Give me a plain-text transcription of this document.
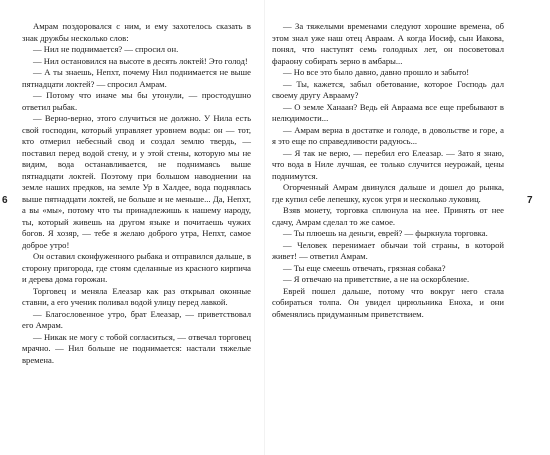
6	7

Амрам поздоровался с ним, и ему захотелось сказать в знак дружбы несколько слов:

— Нил не поднимается? — спросил он.

— Нил остановился на высоте в десять локтей! Это голод!

— А ты знаешь, Непхт, почему Нил поднимается не выше пятнадцати локтей? — спросил Амрам.

— Потому что иначе мы бы утонули, — простодушно ответил рыбак.

— Верно-верно, этого случиться не должно. У Нила есть свой господин, который управляет уровнем воды: он — тот, кто отмерил небесный свод и создал землю твердь, — поставил перед водой стену, и у этой стены, которую мы не видим, вода останавливается, не поднимаясь выше пятнадцати локтей. Поэтому при большом наводнении на земле наших предков, на земле Ур в Халдее, вода поднялась выше пятнадцати локтей, не больше и не меньше... Да, Непхт, а вы «мы», потому что ты принадлежишь к нашему народу, ты, который живешь на другом языке и почитаешь чужих богов. Я хозяр, — тебе я желаю доброго утра, Непхт, самое доброе утро!

Он оставил сконфуженного рыбака и отправился дальше, в сторону пригорода, где стоям сделанные из красного кирпича и дерева дома горожан.

Торговец и меняла Елеазар как раз открывал оконные ставни, а его ученик поливал водой улицу перед лавкой.

— Благословенное утро, брат Елеазар, — приветствовал его Амрам.

— Никак не могу с тобой согласиться, — отвечал торговец мрачно. — Нил больше не поднимается: настали тяжелые времена.

— За тяжелыми временами следуют хорошие времена, об этом знал уже наш отец Авраам. А когда Иосиф, сын Иакова, понял, что наступят семь голодных лет, он посоветовал фараону собирать зерно в амбары...

— Но все это было давно, давно прошло и забыто!

— Ты, кажется, забыл обетование, которое Господь дал своему другу Аврааму?

— О земле Ханаан? Ведь ей Авраама все еще пребывают в нелюдимости...

— Амрам верна в достатке и голоде, в довольстве и горе, а я это еще по справедливости радуюсь...

— Я так не верю, — перебил его Елеазар. — Зато я знаю, что вода в Ниле лучшая, ее только случится неурожай, цены поднимутся.

Огорченный Амрам двинулся дальше и дошел до рынка, где купил себе лепешку, кусок угря и несколько луковиц.

Взяв монету, торговка сплюнула на нее. Принять от нее сдачу, Амрам сделал то же самое.

— Ты плюешь на деньги, еврей? — фыркнула торговка.

— Человек перенимает обычаи той страны, в которой живет! — ответил Амрам.

— Ты еще смеешь отвечать, грязная собака?

— Я отвечаю на приветствие, а не на оскорбление.

Еврей пошел дальше, потому что вокруг него стала собираться толпа. Он увидел цирюльника Еноха, и они обменялись придуманным приветствием.
